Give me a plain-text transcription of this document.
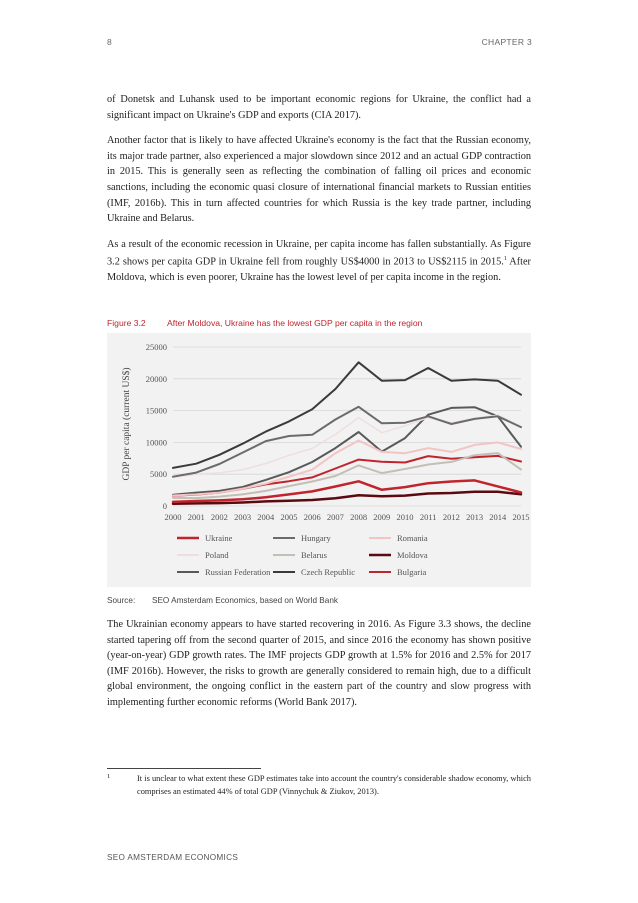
8	CHAPTER 3

of Donetsk and Luhansk used to be important economic regions for Ukraine, the conflict had a significant impact on Ukraine's GDP and exports (CIA 2017).

Another factor that is likely to have affected Ukraine's economy is the fact that the Russian economy, its major trade partner, also experienced a major slowdown since 2012 and an actual GDP contraction in 2015. This is generally seen as reflecting the combination of falling oil prices and economic sanctions, including the economic quasi closure of international financial markets to Russian entities (IMF, 2016b). This in turn affected countries for which Russia is the key trade partner, including Ukraine and Belarus.

As a result of the economic recession in Ukraine, per capita income has fallen substantially. As Figure 3.2 shows per capita GDP in Ukraine fell from roughly US$4000 in 2013 to US$2115 in 2015.$^1$ After Moldova, which is even poorer, Ukraine has the lowest level of per capita income in the region.

Figure 3.2 After Moldova, Ukraine has the lowest GDP per capita in the region
0
5000
10000
15000
20000
25000
2000 2001 2002 2003 2004 2005 2006 2007 2008 2009 2010 2011 2012 2013 2014 2015
Ukraine	Hungary	Romania
Poland	Belarus	Moldova
Russian Federation	Czech Republic	Bulgaria
GDP per capita (current US$)
Source: SEO Amsterdam Economics, based on World Bank

The Ukrainian economy appears to have started recovering in 2016. As Figure 3.3 shows, the decline started tapering off from the second quarter of 2015, and since 2016 the economy has shown positive (year-on-year) GDP growth rates. The IMF projects GDP growth at 1.5% for 2016 and 2.5% for 2017 (IMF 2016b). However, the risks to growth are generally considered to remain high, due to a difficult global environment, the ongoing conflict in the eastern part of the country and slow progress with implementing further economic reforms (World Bank 2017).

1	It is unclear to what extent these GDP estimates take into account the country's considerable shadow economy, which comprises an estimated 44% of total GDP (Vinnychuk & Ziukov, 2013).
SEO AMSTERDAM ECONOMICS
